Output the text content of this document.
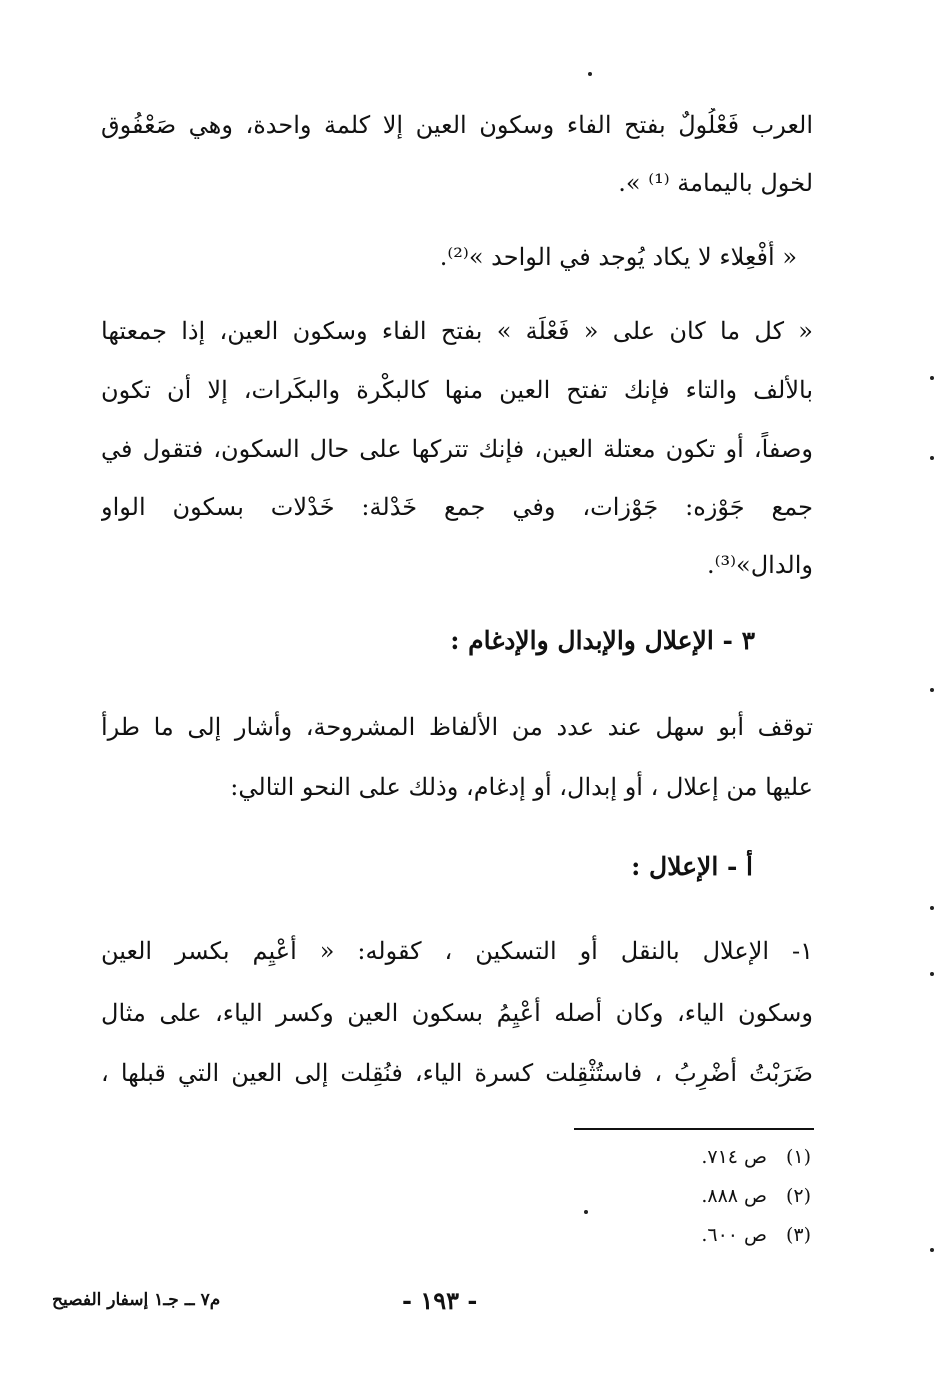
العرب فَعْلُولٌ بفتح الفاء وسكون العين إلا كلمة واحدة، وهي صَعْفُوق
لخول باليمامة ⁽¹⁾ ».
« أَفْعِلاء لا يكاد يُوجد في الواحد »⁽²⁾.
« كل ما كان على « فَعْلَة » بفتح الفاء وسكون العين، إذا جمعتها
بالألف والتاء فإنك تفتح العين منها كالبكْرة والبكَرات، إلا أن تكون
وصفاً، أو تكون معتلة العين، فإنك تتركها على حال السكون، فتقول في
جمع جَوْزه: جَوْزات، وفي جمع خَدْلة: خَدْلات بسكون الواو
والدال»⁽³⁾.
٣ - الإعلال والإبدال والإدغام :
توقف أبو سهل عند عدد من الألفاظ المشروحة، وأشار إلى ما طرأ
عليها من إعلال ، أو إبدال، أو إدغام، وذلك على النحو التالي:
أ - الإعلال :
١- الإعلال بالنقل أو التسكين ، كقوله: « أعْيِم بكسر العين
وسكون الياء، وكان أصله أعْيِمُ بسكون العين وكسر الياء، على مثال
ضَرَبْتُ أضْرِبُ ، فاستُثْقِلت كسرة الياء، فنُقِلت إلى العين التي قبلها ،
(١)ص ٧١٤.
(٢)ص ٨٨٨.
(٣)ص ٦٠٠.
- ١٩٣ -
م٧ ــ جـ١ إسفار الفصيح
